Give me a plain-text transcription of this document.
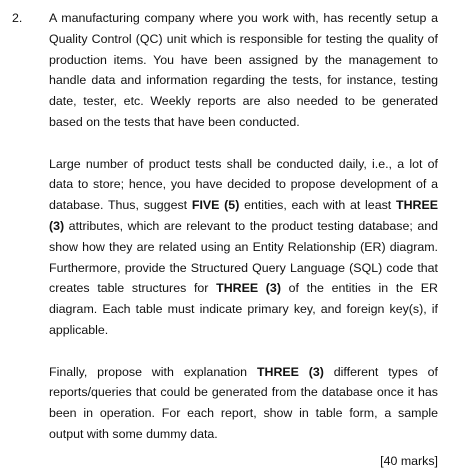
2. A manufacturing company where you work with, has recently setup a Quality Control (QC) unit which is responsible for testing the quality of production items. You have been assigned by the management to handle data and information regarding the tests, for instance, testing date, tester, etc. Weekly reports are also needed to be generated based on the tests that have been conducted.

Large number of product tests shall be conducted daily, i.e., a lot of data to store; hence, you have decided to propose development of a database. Thus, suggest FIVE (5) entities, each with at least THREE (3) attributes, which are relevant to the product testing database; and show how they are related using an Entity Relationship (ER) diagram. Furthermore, provide the Structured Query Language (SQL) code that creates table structures for THREE (3) of the entities in the ER diagram. Each table must indicate primary key, and foreign key(s), if applicable.

Finally, propose with explanation THREE (3) different types of reports/queries that could be generated from the database once it has been in operation. For each report, show in table form, a sample output with some dummy data.

[40 marks]
